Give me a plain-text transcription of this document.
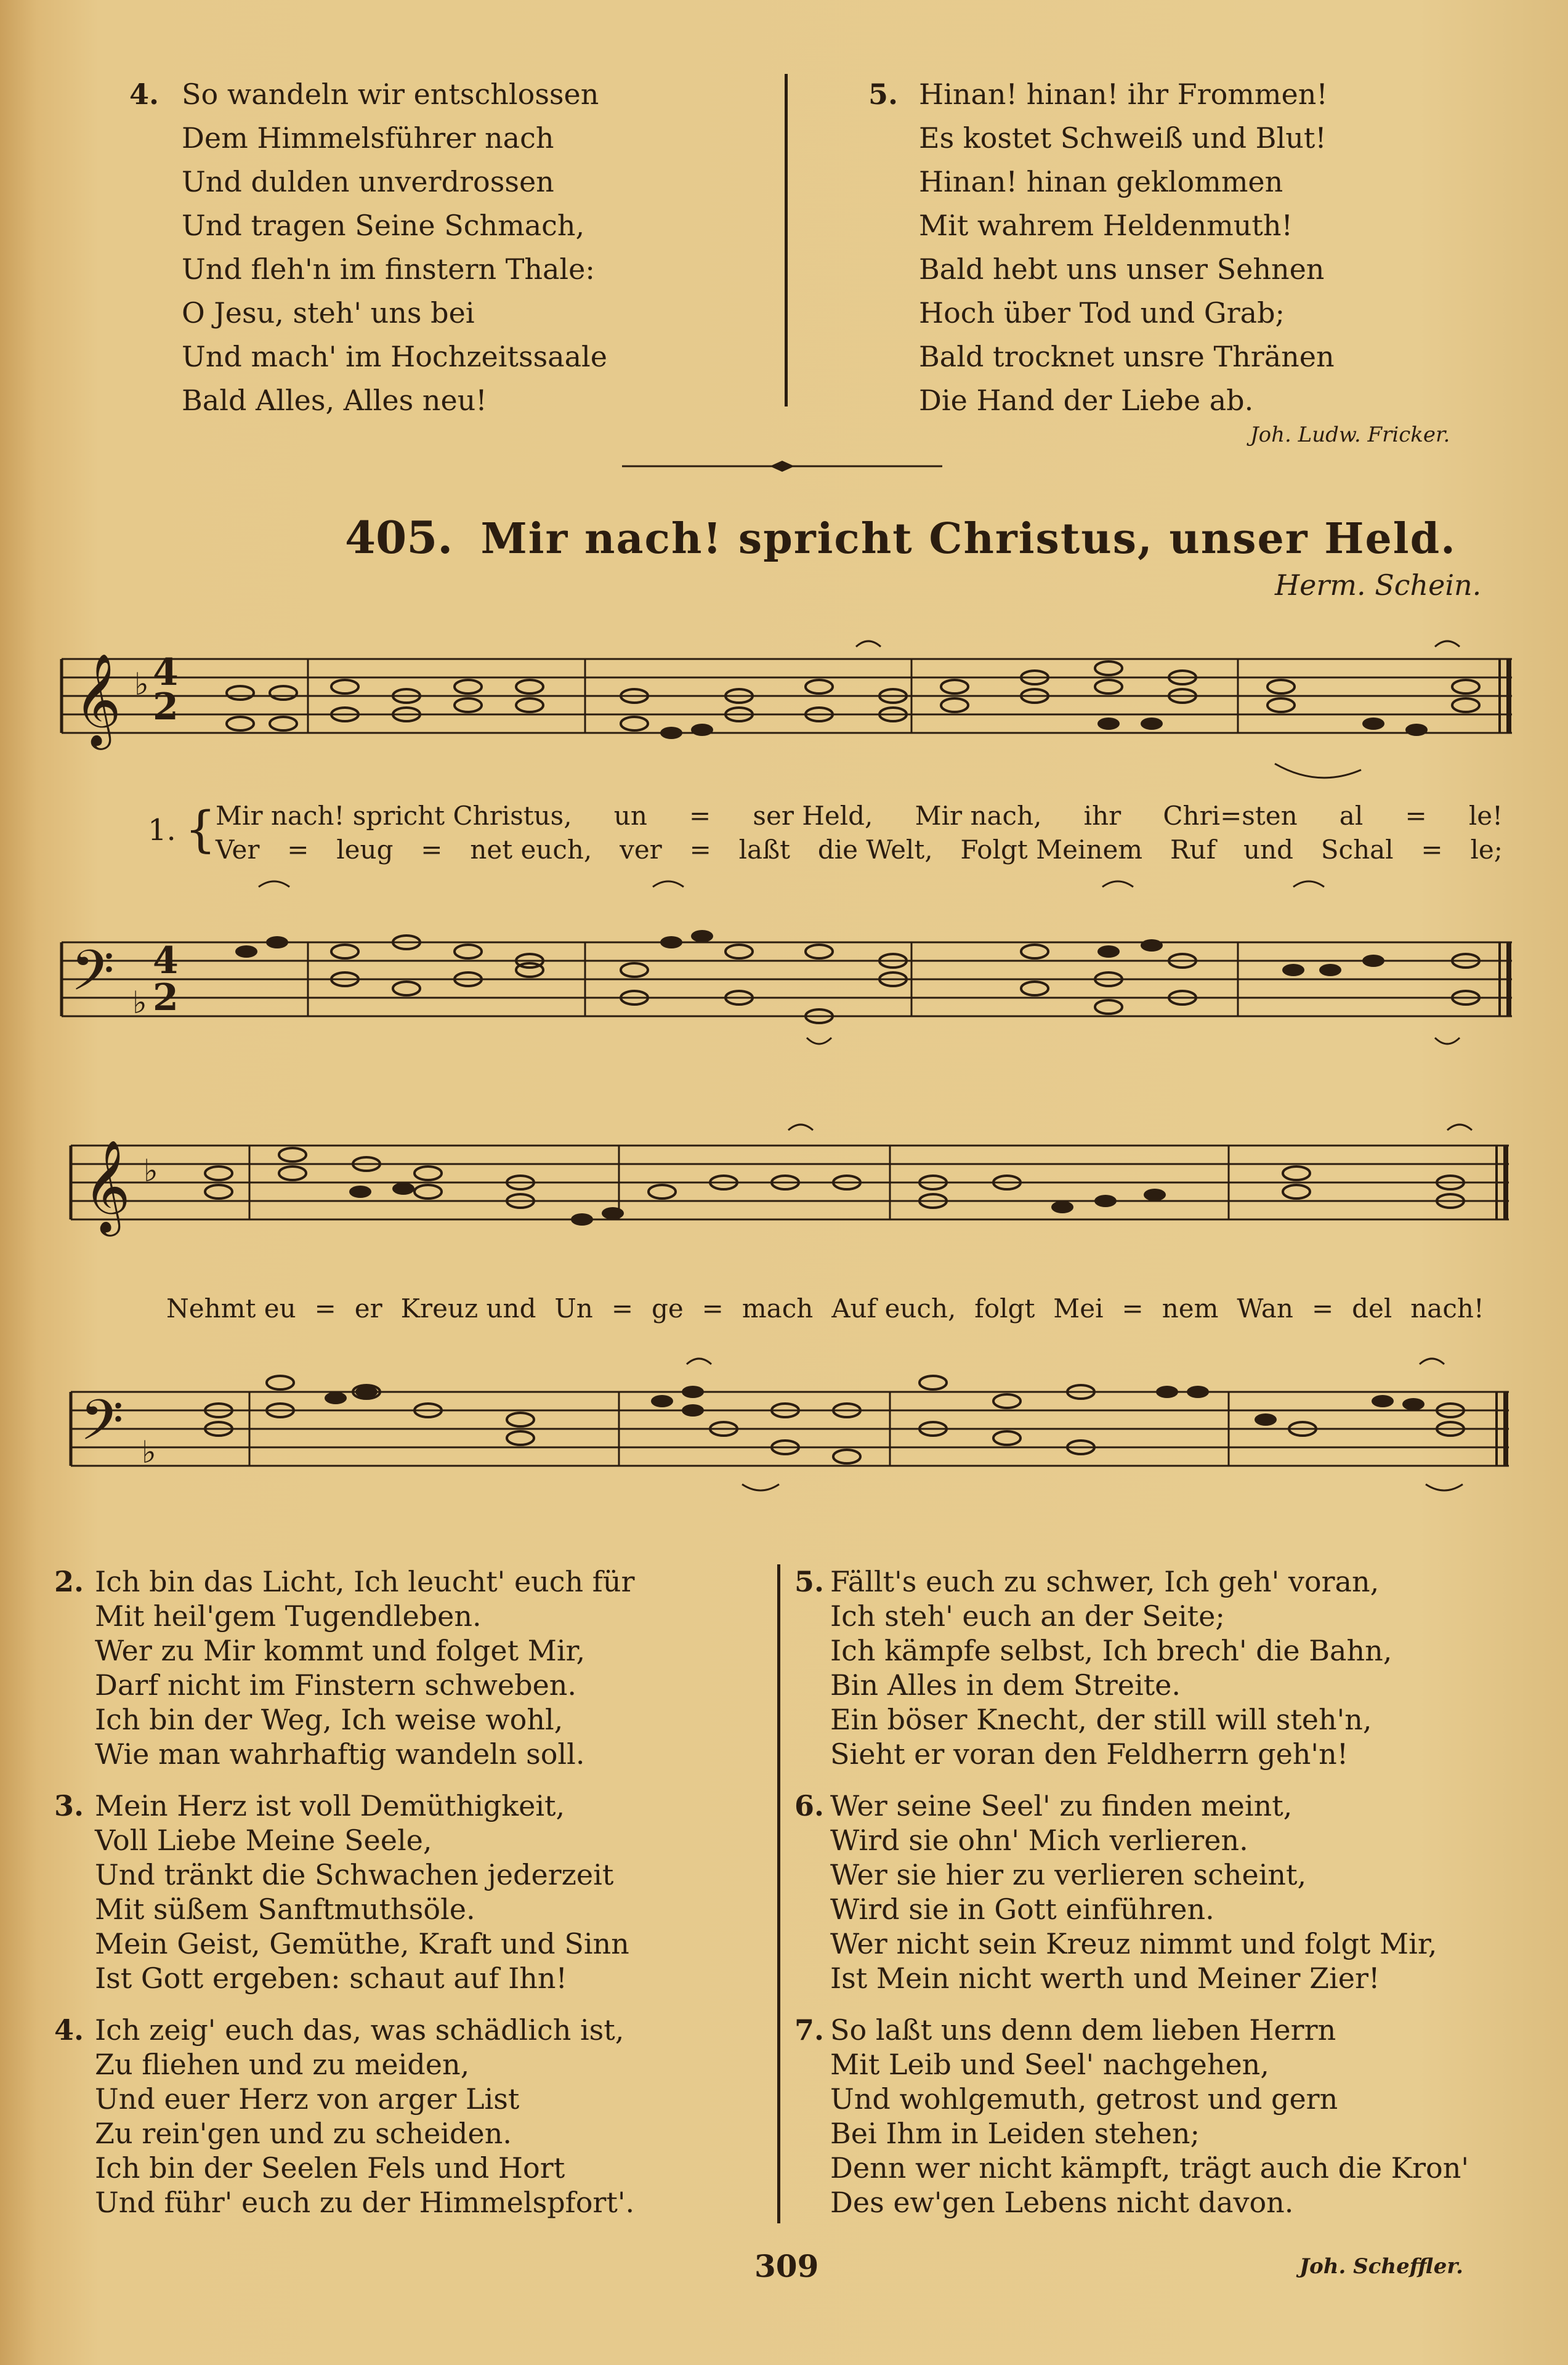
4. So wandeln wir entschlossen
Dem Himmelsführer nach
Und dulden unverdrossen
Und tragen Seine Schmach,
Und fleh'n im finstern Thale:
O Jesu, steh' uns bei
Und mach' im Hochzeitssaale
Bald Alles, Alles neu!
5. Hinan! hinan! ihr Frommen!
Es kostet Schweiß und Blut!
Hinan! hinan geklommen
Mit wahrem Heldenmuth!
Bald hebt uns unser Sehnen
Hoch über Tod und Grab;
Bald trocknet unsre Thränen
Die Hand der Liebe ab.
Joh. Ludw. Fricker.
405. Mir nach! spricht Christus, unser Held.
Herm. Schein.
𝄞 ♭ 4
2
1. { Mir nach! spricht Christus, un = ser Held, Mir nach, ihr Chri=sten al = le!
Ver = leug = net euch, ver = laßt die Welt, Folgt Meinem Ruf und Schal = le;
𝄢 ♭
4
2
𝄞 ♭
Nehmt eu = er Kreuz und Un = ge = mach Auf euch, folgt Mei = nem Wan = del nach!
𝄢 ♭
2. Ich bin das Licht, Ich leucht' euch für
Mit heil'gem Tugendleben.
Wer zu Mir kommt und folget Mir,
Darf nicht im Finstern schweben.
Ich bin der Weg, Ich weise wohl,
Wie man wahrhaftig wandeln soll.
3. Mein Herz ist voll Demüthigkeit,
Voll Liebe Meine Seele,
Und tränkt die Schwachen jederzeit
Mit süßem Sanftmuthsöle.
Mein Geist, Gemüthe, Kraft und Sinn
Ist Gott ergeben: schaut auf Ihn!
4. Ich zeig' euch das, was schädlich ist,
Zu fliehen und zu meiden,
Und euer Herz von arger List
Zu rein'gen und zu scheiden.
Ich bin der Seelen Fels und Hort
Und führ' euch zu der Himmelspfort'.
5. Fällt's euch zu schwer, Ich geh' voran,
Ich steh' euch an der Seite;
Ich kämpfe selbst, Ich brech' die Bahn,
Bin Alles in dem Streite.
Ein böser Knecht, der still will steh'n,
Sieht er voran den Feldherrn geh'n!
6. Wer seine Seel' zu finden meint,
Wird sie ohn' Mich verlieren.
Wer sie hier zu verlieren scheint,
Wird sie in Gott einführen.
Wer nicht sein Kreuz nimmt und folgt Mir,
Ist Mein nicht werth und Meiner Zier!
7. So laßt uns denn dem lieben Herrn
Mit Leib und Seel' nachgehen,
Und wohlgemuth, getrost und gern
Bei Ihm in Leiden stehen;
Denn wer nicht kämpft, trägt auch die Kron'
Des ew'gen Lebens nicht davon.
309	Joh. Scheffler.
